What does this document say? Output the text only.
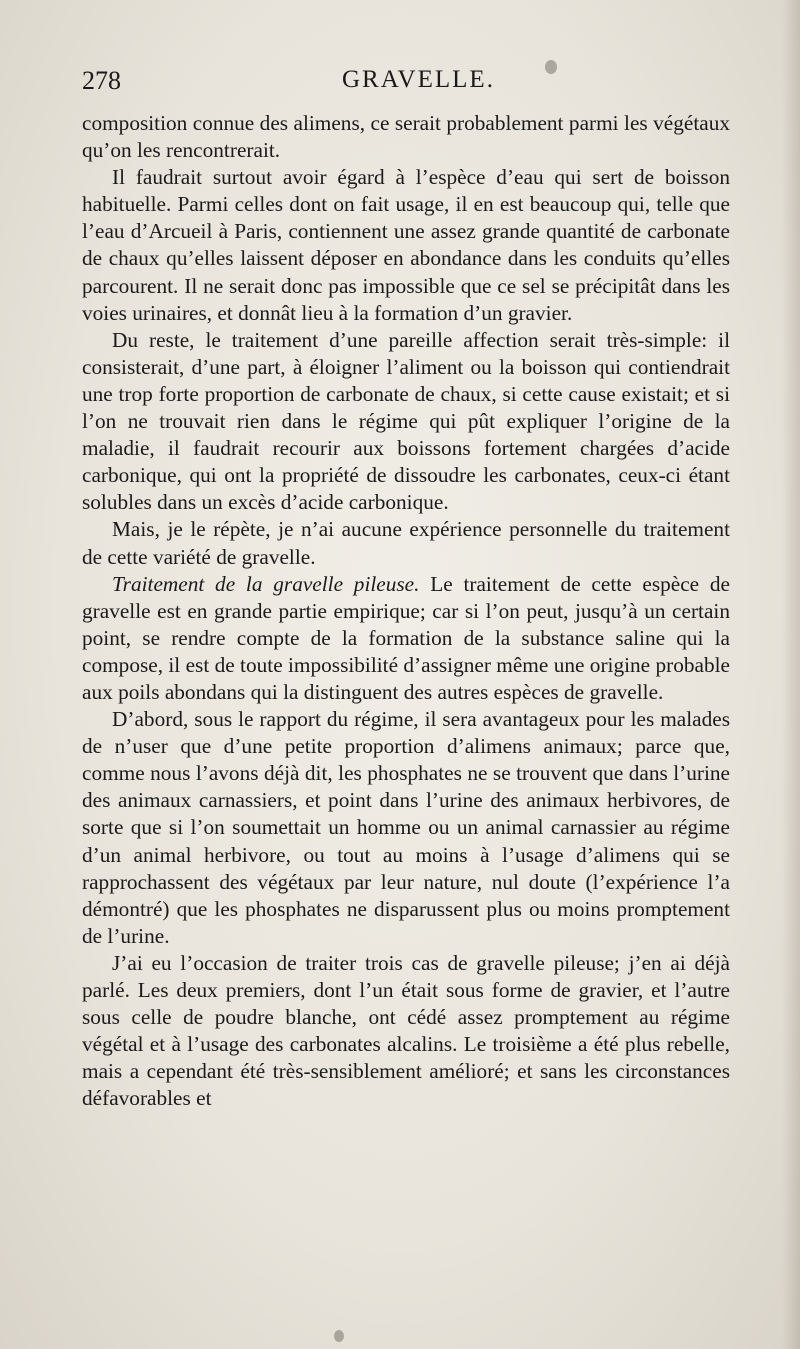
278	GRAVELLE.

composition connue des alimens, ce serait probablement parmi les végétaux qu’on les rencontrerait.

Il faudrait surtout avoir égard à l’espèce d’eau qui sert de boisson habituelle. Parmi celles dont on fait usage, il en est beaucoup qui, telle que l’eau d’Arcueil à Paris, contiennent une assez grande quantité de carbonate de chaux qu’elles laissent déposer en abondance dans les conduits qu’elles parcourent. Il ne serait donc pas impossible que ce sel se précipitât dans les voies urinaires, et donnât lieu à la formation d’un gravier.

Du reste, le traitement d’une pareille affection serait très-simple: il consisterait, d’une part, à éloigner l’aliment ou la boisson qui contiendrait une trop forte proportion de carbonate de chaux, si cette cause existait; et si l’on ne trouvait rien dans le régime qui pût expliquer l’origine de la maladie, il faudrait recourir aux boissons fortement chargées d’acide carbonique, qui ont la propriété de dissoudre les carbonates, ceux-ci étant solubles dans un excès d’acide carbonique.

Mais, je le répète, je n’ai aucune expérience personnelle du traitement de cette variété de gravelle.

Traitement de la gravelle pileuse. Le traitement de cette espèce de gravelle est en grande partie empirique; car si l’on peut, jusqu’à un certain point, se rendre compte de la formation de la substance saline qui la compose, il est de toute impossibilité d’assigner même une origine probable aux poils abondans qui la distinguent des autres espèces de gravelle.

D’abord, sous le rapport du régime, il sera avantageux pour les malades de n’user que d’une petite proportion d’alimens animaux; parce que, comme nous l’avons déjà dit, les phosphates ne se trouvent que dans l’urine des animaux carnassiers, et point dans l’urine des animaux herbivores, de sorte que si l’on soumettait un homme ou un animal carnassier au régime d’un animal herbivore, ou tout au moins à l’usage d’alimens qui se rapprochassent des végétaux par leur nature, nul doute (l’expérience l’a démontré) que les phosphates ne disparussent plus ou moins promptement de l’urine.

J’ai eu l’occasion de traiter trois cas de gravelle pileuse; j’en ai déjà parlé. Les deux premiers, dont l’un était sous forme de gravier, et l’autre sous celle de poudre blanche, ont cédé assez promptement au régime végétal et à l’usage des carbonates alcalins. Le troisième a été plus rebelle, mais a cependant été très-sensiblement amélioré; et sans les circonstances défavorables et
